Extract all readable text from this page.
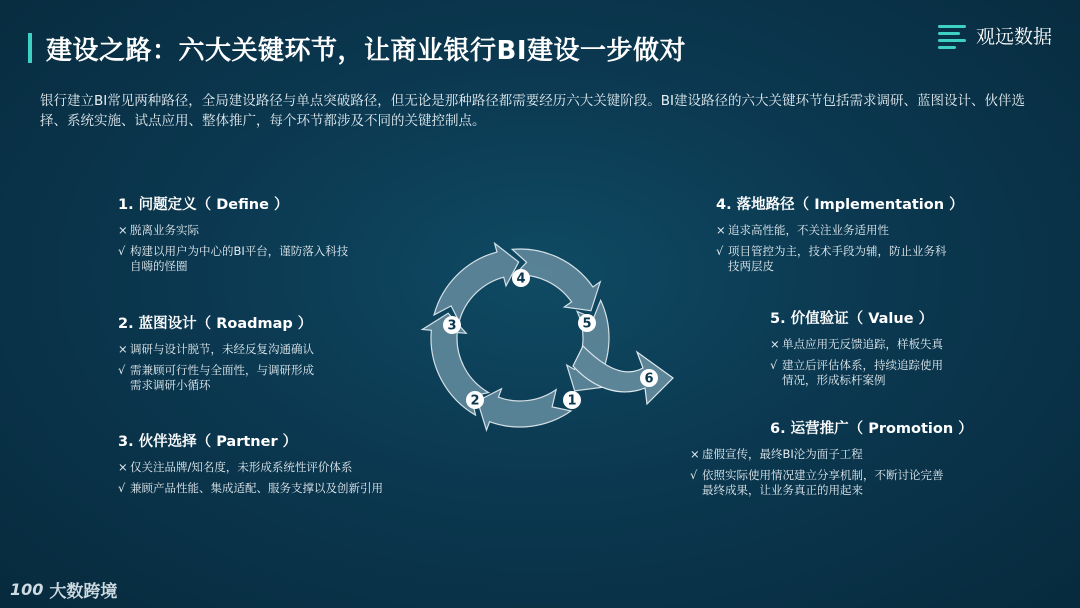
建设之路：六大关键环节，让商业银行BI建设一步做对	观远数据
银行建立BI常见两种路径，全局建设路径与单点突破路径，但无论是那种路径都需要经历六大关键阶段。BI建设路径的六大关键环节包括需求调研、蓝图设计、伙伴选择、系统实施、试点应用、整体推广，每个环节都涉及不同的关键控制点。
1. 问题定义（ Define ）
× 脱离业务实际
√ 构建以用户为中心的BI平台，谨防落入科技
自嗨的怪圈
2. 蓝图设计（ Roadmap ）
× 调研与设计脱节，未经反复沟通确认
√ 需兼顾可行性与全面性，与调研形成
需求调研小循环
3. 伙伴选择（ Partner ）
× 仅关注品牌/知名度，未形成系统性评价体系
√ 兼顾产品性能、集成适配、服务支撑以及创新引用
4. 落地路径（ Implementation ）
× 追求高性能，不关注业务适用性
√ 项目管控为主，技术手段为辅，防止业务科
技两层皮
5. 价值验证（ Value ）
× 单点应用无反馈追踪，样板失真
√ 建立后评估体系，持续追踪使用
情况，形成标杆案例
6. 运营推广（ Promotion ）
× 虚假宣传，最终BI沦为面子工程
√ 依照实际使用情况建立分享机制，不断讨论完善
最终成果，让业务真正的用起来
1
2
3
4
5
6
100 大数跨境
